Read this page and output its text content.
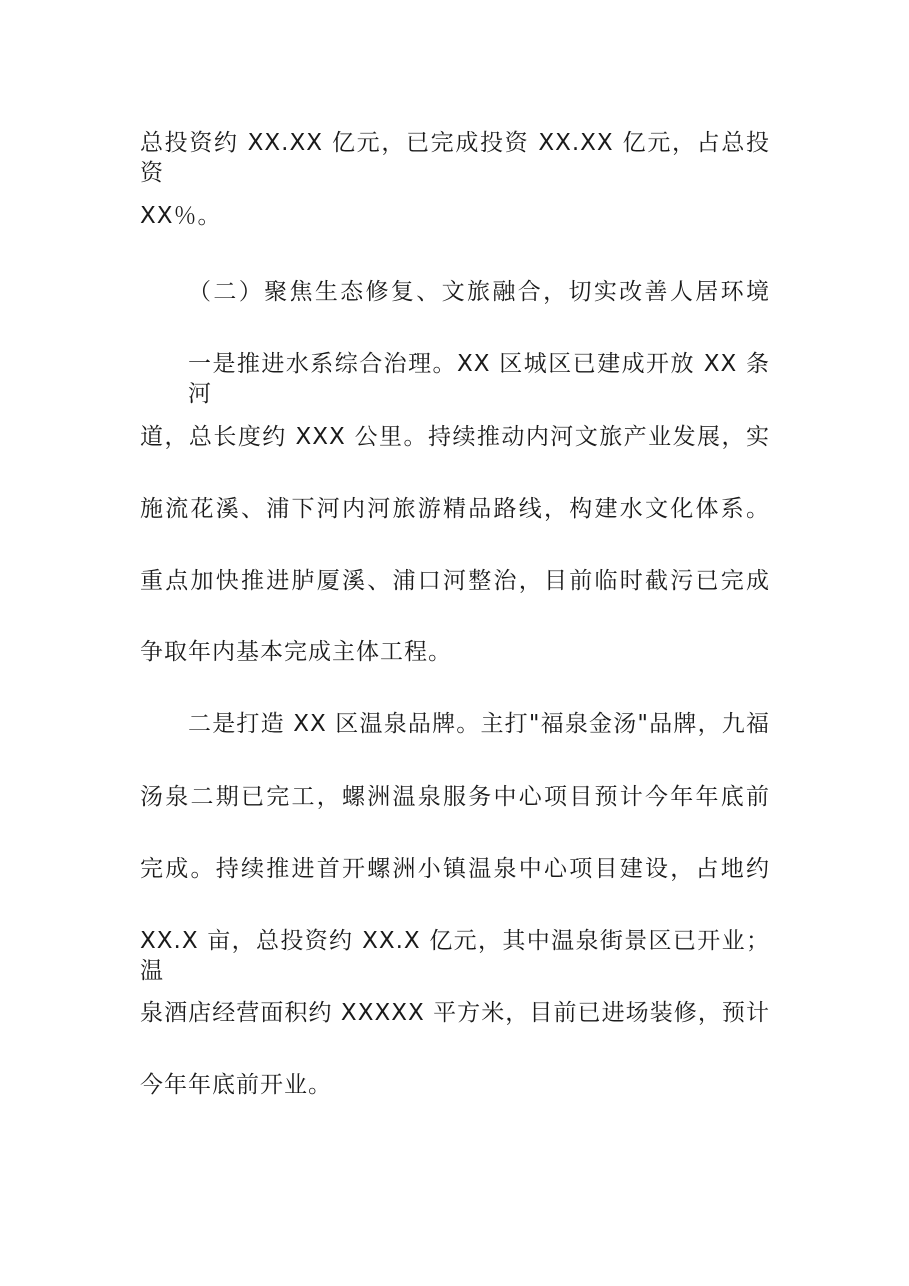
总投资约 XX.XX 亿元，已完成投资 XX.XX 亿元，占总投资
XX％。
（二）聚焦生态修复、文旅融合，切实改善人居环境
一是推进水系综合治理。XX 区城区已建成开放 XX 条河
道，总长度约 XXX 公里。持续推动内河文旅产业发展，实
施流花溪、浦下河内河旅游精品路线，构建水文化体系。
重点加快推进胪厦溪、浦口河整治，目前临时截污已完成
争取年内基本完成主体工程。
二是打造 XX 区温泉品牌。主打"福泉金汤"品牌，九福
汤泉二期已完工，螺洲温泉服务中心项目预计今年年底前
完成。持续推进首开螺洲小镇温泉中心项目建设，占地约
XX.X 亩，总投资约 XX.X 亿元，其中温泉街景区已开业；温
泉酒店经营面积约 XXXXX 平方米，目前已进场装修，预计
今年年底前开业。
